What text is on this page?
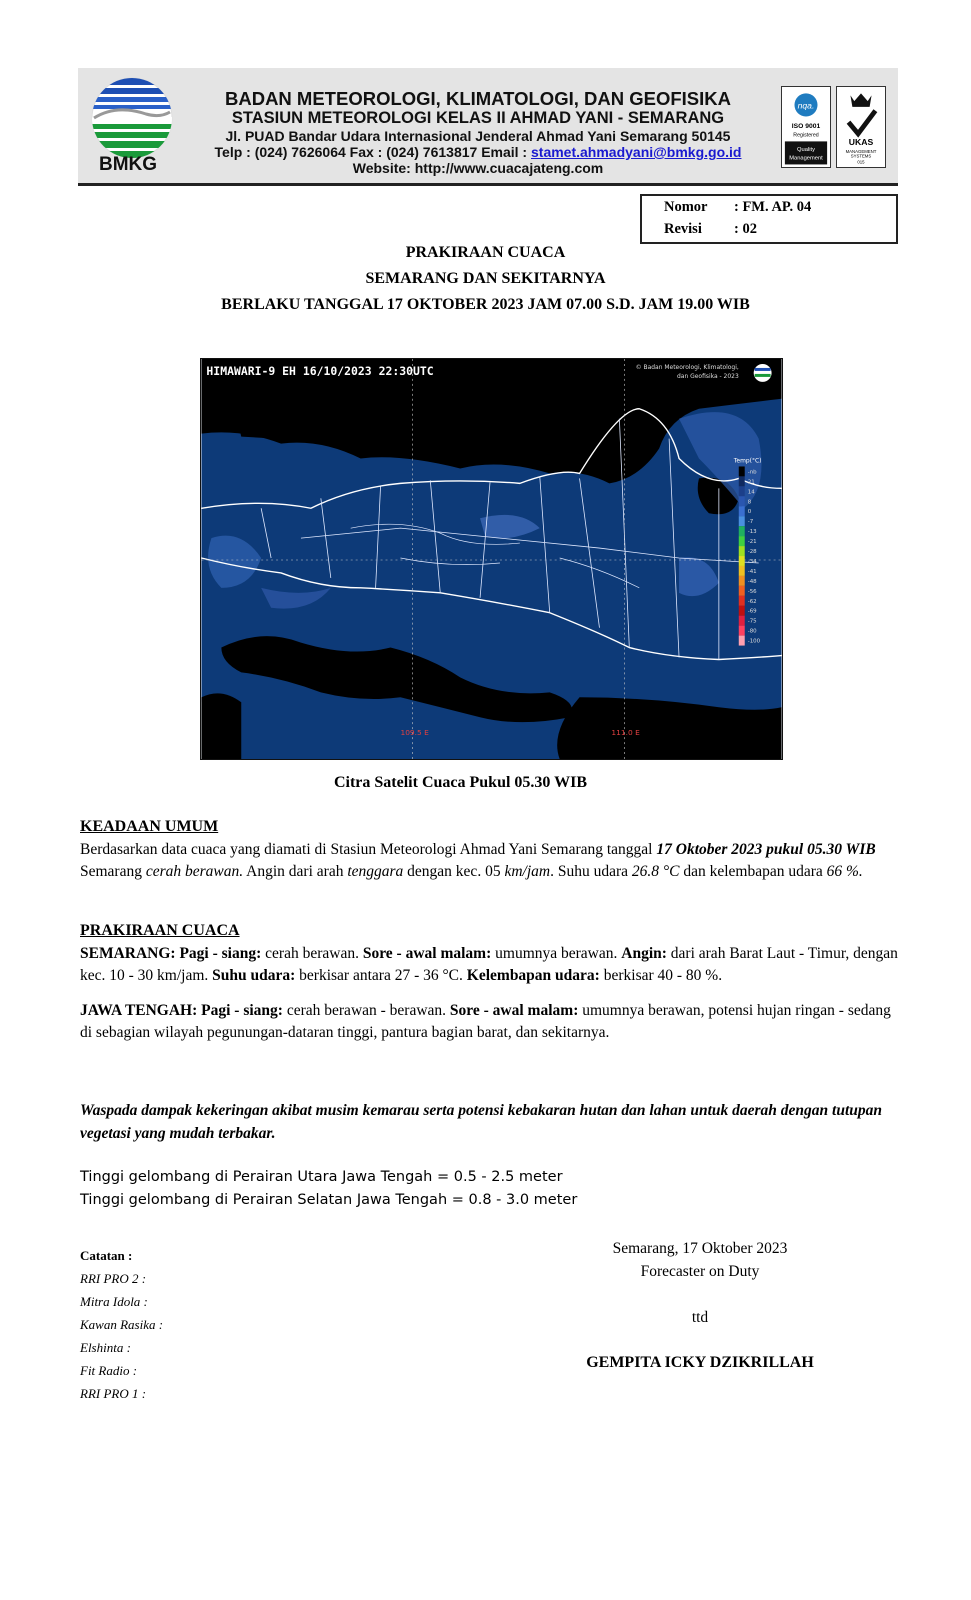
BMKG
BADAN METEOROLOGI, KLIMATOLOGI, DAN GEOFISIKA
STASIUN METEOROLOGI KELAS II AHMAD YANI - SEMARANG
Jl. PUAD Bandar Udara Internasional Jenderal Ahmad Yani Semarang 50145
Telp : (024) 7626064 Fax : (024) 7613817 Email : stamet.ahmadyani@bmkg.go.id
Website: http://www.cuacajateng.com
nqa.
ISO 9001
Registered
Quality
Management
UKAS
MANAGEMENT
SYSTEMS
015
Nomor : FM. AP. 04
Revisi : 02
PRAKIRAAN CUACA
SEMARANG DAN SEKITARNYA
BERLAKU TANGGAL 17 OKTOBER 2023 JAM 07.00 S.D. JAM 19.00 WIB
HIMAWARI-9 EH 16/10/2023 22:30UTC	© Badan Meteorologi, Klimatologi,
dan Geofisika - 2023
Temp(°C)
-nb
21
14
8
0
-7
-13
-21
-28
-34
-41
-48
-56
-62
-69
-75
-80
-100
109.5 E	111.0 E
Citra Satelit Cuaca Pukul 05.30 WIB
KEADAAN UMUM
Berdasarkan data cuaca yang diamati di Stasiun Meteorologi Ahmad Yani Semarang tanggal 17 Oktober 2023 pukul 05.30 WIB Semarang cerah berawan. Angin dari arah tenggara dengan kec. 05 km/jam. Suhu udara 26.8 °C dan kelembapan udara 66 %.
PRAKIRAAN CUACA
SEMARANG: Pagi - siang: cerah berawan. Sore - awal malam: umumnya berawan. Angin: dari arah Barat Laut - Timur, dengan kec. 10 - 30 km/jam. Suhu udara: berkisar antara 27 - 36 °C. Kelembapan udara: berkisar 40 - 80 %.
JAWA TENGAH: Pagi - siang: cerah berawan - berawan. Sore - awal malam: umumnya berawan, potensi hujan ringan - sedang di sebagian wilayah pegunungan-dataran tinggi, pantura bagian barat, dan sekitarnya.
Waspada dampak kekeringan akibat musim kemarau serta potensi kebakaran hutan dan lahan untuk daerah dengan tutupan vegetasi yang mudah terbakar.
Tinggi gelombang di Perairan Utara Jawa Tengah = 0.5 - 2.5 meter
Tinggi gelombang di Perairan Selatan Jawa Tengah = 0.8 - 3.0 meter
Catatan :
RRI PRO 2 :
Mitra Idola :
Kawan Rasika :
Elshinta :
Fit Radio :
RRI PRO 1 :
Semarang, 17 Oktober 2023
Forecaster on Duty
ttd
GEMPITA ICKY DZIKRILLAH
